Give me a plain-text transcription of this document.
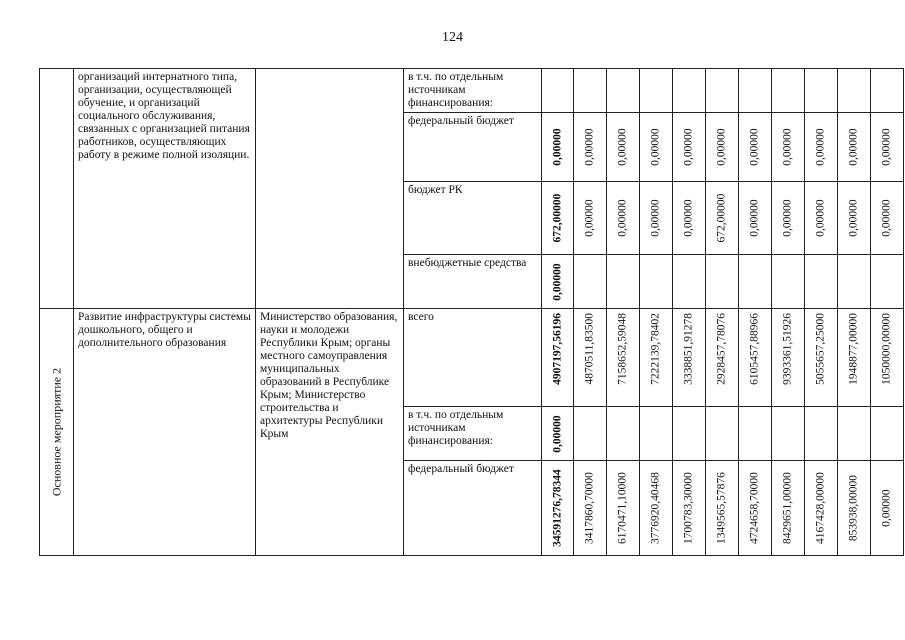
124

	организаций интернатного типа, организации, осуществляющей обучение, и организаций социального обслуживания, связанных с организацией питания работников, осуществляющих работу в режиме полной изоляции.		в т.ч. по отдельным источникам финансирования:											

			федеральный бюджет	0,00000	0,00000	0,00000	0,00000	0,00000	0,00000	0,00000	0,00000	0,00000	0,00000	0,00000

			бюджет РК	672,00000	0,00000	0,00000	0,00000	0,00000	672,00000	0,00000	0,00000	0,00000	0,00000	0,00000

			внебюджетные средства	0,00000										

Основное мероприятие 2	Развитие инфраструктуры системы дошкольного, общего и дополнительного образования	Министерство образования, науки и молодежи Республики Крым; органы местного самоуправления муниципальных образований в Республике Крым; Министерство строительства и архитектуры Республики Крым	всего	4907197,56196	4870511,83500	7158652,59048	7222139,78402	3338851,91278	2928457,78076	6105457,88966	9393361,51926	5055657,25000	1948877,00000	1050000,00000

			в т.ч. по отдельным источникам финансирования:	0,00000										

			федеральный бюджет	34591276,78344	3417860,70000	6170471,10000	3776920,40468	1700783,30000	1349565,57876	4724658,70000	8429651,00000	4167428,00000	853938,00000	0,00000
